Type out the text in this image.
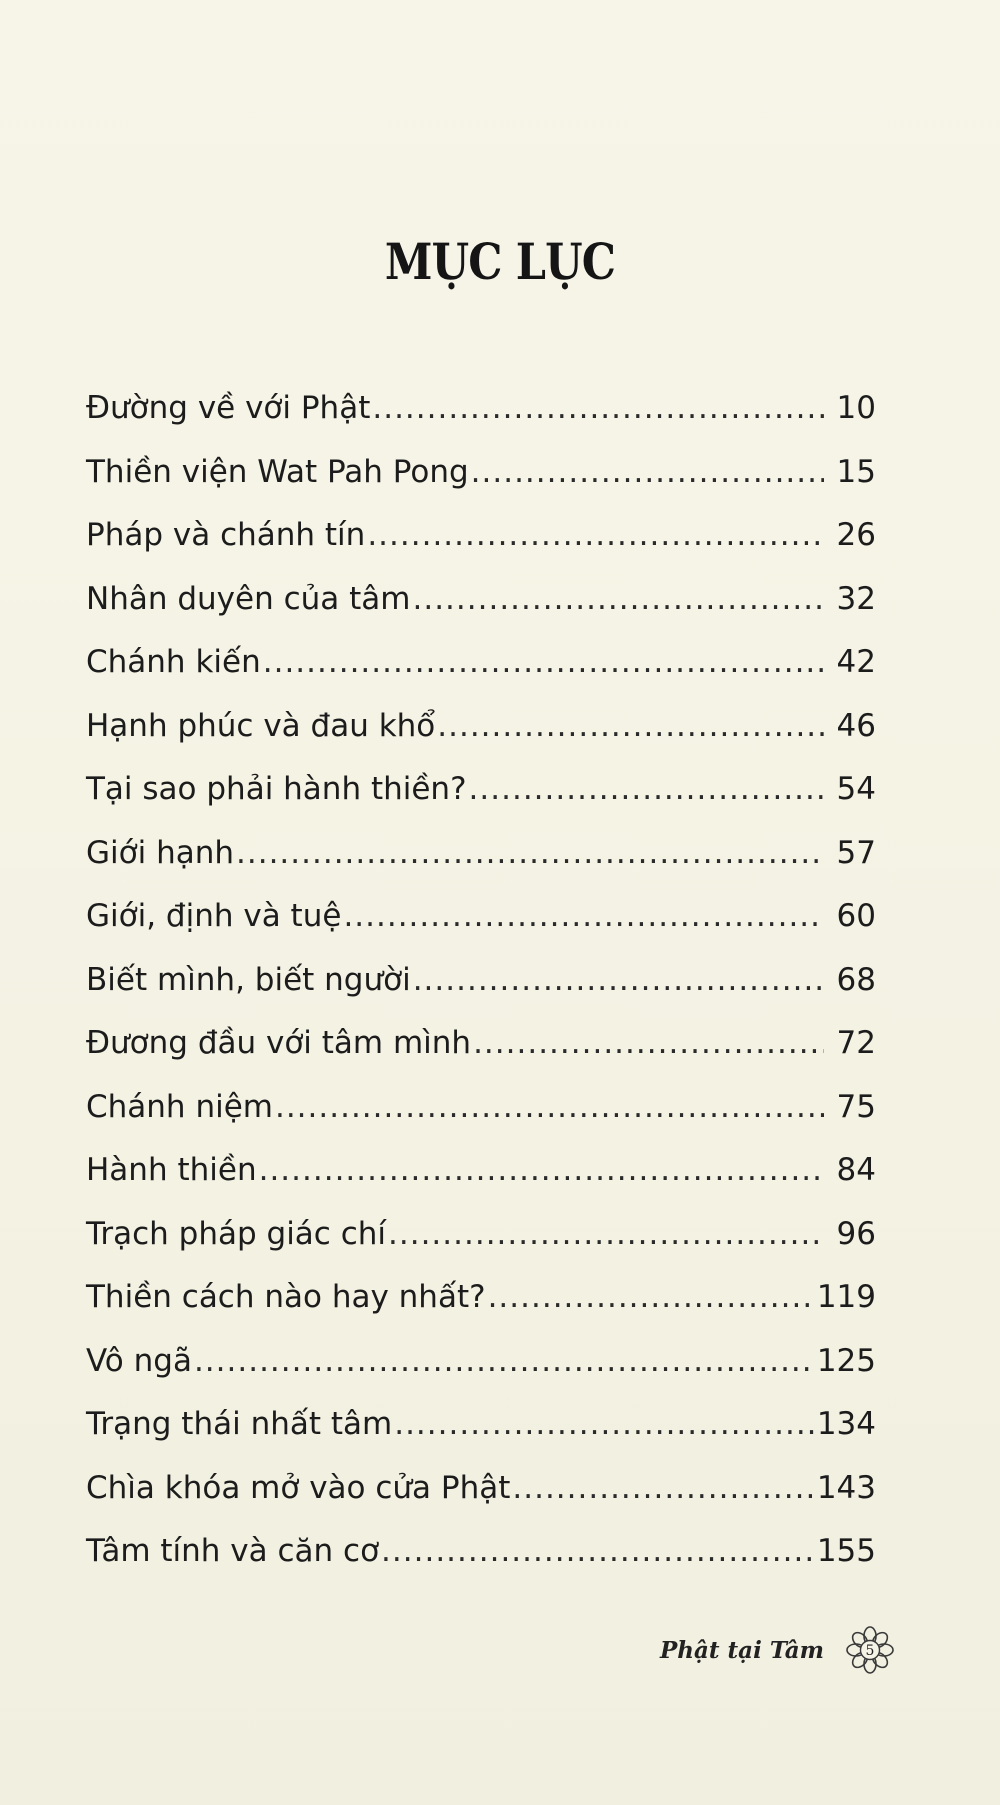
MỤC LỤC
Đường về với Phật .....	10
Thiền viện Wat Pah Pong .....	15
Pháp và chánh tín .....	26
Nhân duyên của tâm .....	32
Chánh kiến .....	42
Hạnh phúc và đau khổ .....	46
Tại sao phải hành thiền? .....	54
Giới hạnh .....	57
Giới, định và tuệ .....	60
Biết mình, biết người .....	68
Đương đầu với tâm mình .....	72
Chánh niệm .....	75
Hành thiền .....	84
Trạch pháp giác chí .....	96
Thiền cách nào hay nhất? .....	119
Vô ngã .....	125
Trạng thái nhất tâm .....	134
Chìa khóa mở vào cửa Phật .....	143
Tâm tính và căn cơ .....	155
Phật tại Tâm	5
